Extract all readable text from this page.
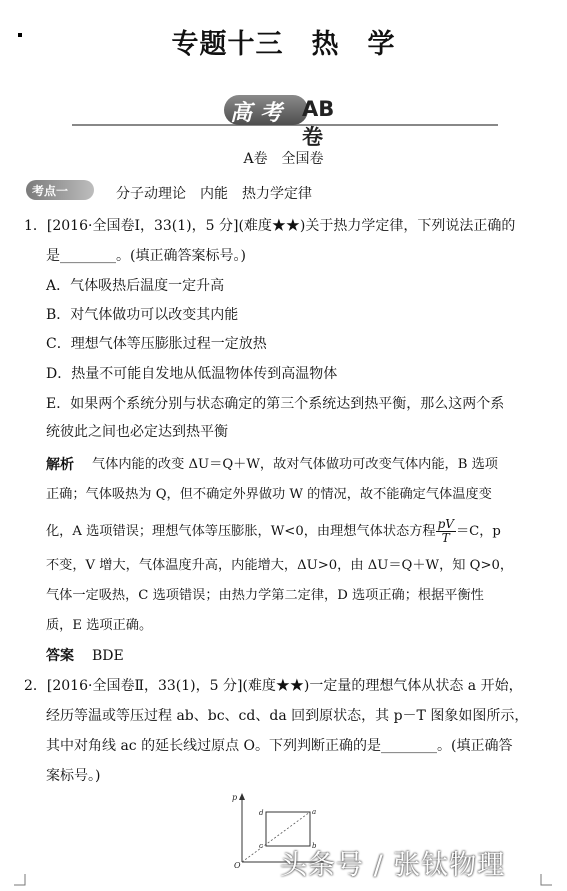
专题十三　热　学
高 考 AB卷
A卷　全国卷
考点一	分子动理论　内能　热力学定律
1．[2016·全国卷Ⅰ，33(1)，5 分](难度★★)关于热力学定律，下列说法正确的
是________。(填正确答案标号。)
A．气体吸热后温度一定升高
B．对气体做功可以改变其内能
C．理想气体等压膨胀过程一定放热
D．热量不可能自发地从低温物体传到高温物体
E．如果两个系统分别与状态确定的第三个系统达到热平衡，那么这两个系
统彼此之间也必定达到热平衡
解析 气体内能的改变 ΔU＝Q＋W，故对气体做功可改变气体内能，B 选项
正确；气体吸热为 Q，但不确定外界做功 W 的情况，故不能确定气体温度变
化，A 选项错误；理想气体等压膨胀，W<0，由理想气体状态方程 $\frac{pV}{T} =C$，p
不变，V 增大，气体温度升高，内能增大，ΔU>0，由 ΔU＝Q＋W，知 Q>0，
气体一定吸热，C 选项错误；由热力学第二定律，D 选项正确；根据平衡性
质，E 选项正确。
答案 BDE
2．[2016·全国卷Ⅱ，33(1)，5 分](难度★★)一定量的理想气体从状态 a 开始，
经历等温或等压过程 ab、bc、cd、da 回到原状态，其 p－T 图象如图所示，
其中对角线 ac 的延长线过原点 O。下列判断正确的是________。(填正确答
案标号。)
p
O
a
b
c
d
头条号 / 张钛物理
